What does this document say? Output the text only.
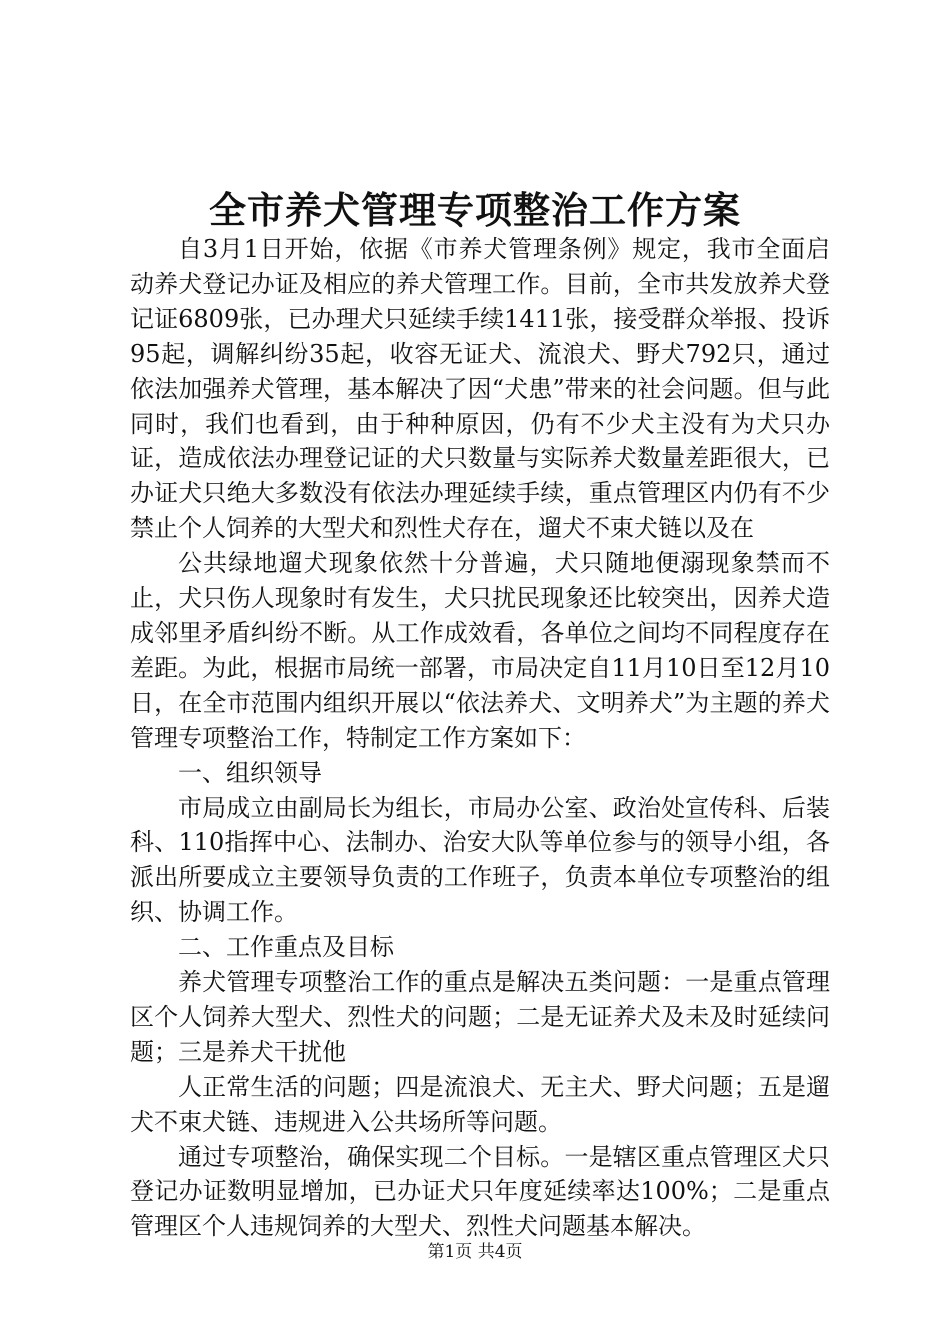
全市养犬管理专项整治工作方案

自3月1日开始，依据《市养犬管理条例》规定，我市全面启动养犬登记办证及相应的养犬管理工作。目前，全市共发放养犬登记证6809张，已办理犬只延续手续1411张，接受群众举报、投诉95起，调解纠纷35起，收容无证犬、流浪犬、野犬792只，通过依法加强养犬管理，基本解决了因“犬患”带来的社会问题。但与此同时，我们也看到，由于种种原因，仍有不少犬主没有为犬只办证，造成依法办理登记证的犬只数量与实际养犬数量差距很大，已办证犬只绝大多数没有依法办理延续手续，重点管理区内仍有不少禁止个人饲养的大型犬和烈性犬存在，遛犬不束犬链以及在

公共绿地遛犬现象依然十分普遍，犬只随地便溺现象禁而不止，犬只伤人现象时有发生，犬只扰民现象还比较突出，因养犬造成邻里矛盾纠纷不断。从工作成效看，各单位之间均不同程度存在差距。为此，根据市局统一部署，市局决定自11月10日至12月10日，在全市范围内组织开展以“依法养犬、文明养犬”为主题的养犬管理专项整治工作，特制定工作方案如下：

一、组织领导

市局成立由副局长为组长，市局办公室、政治处宣传科、后装科、110指挥中心、法制办、治安大队等单位参与的领导小组，各派出所要成立主要领导负责的工作班子，负责本单位专项整治的组织、协调工作。

二、工作重点及目标

养犬管理专项整治工作的重点是解决五类问题：一是重点管理区个人饲养大型犬、烈性犬的问题；二是无证养犬及未及时延续问题；三是养犬干扰他

人正常生活的问题；四是流浪犬、无主犬、野犬问题；五是遛犬不束犬链、违规进入公共场所等问题。

通过专项整治，确保实现二个目标。一是辖区重点管理区犬只登记办证数明显增加，已办证犬只年度延续率达100%；二是重点管理区个人违规饲养的大型犬、烈性犬问题基本解决。

第1页 共4页
